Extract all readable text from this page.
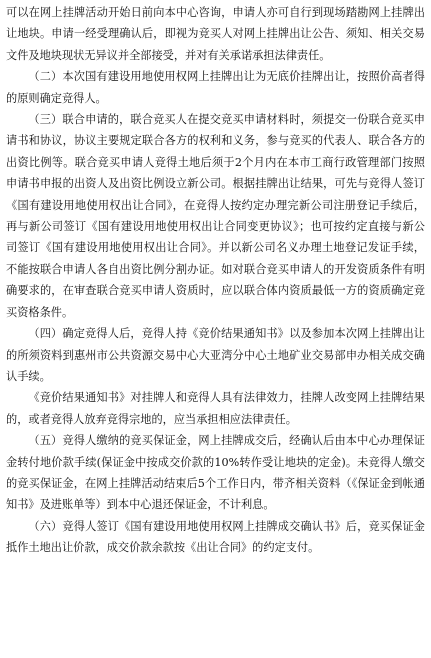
可以在网上挂牌活动开始日前向本中心咨询，申请人亦可自行到现场踏勘网上挂牌出让地块。申请一经受理确认后，即视为竞买人对网上挂牌出让公告、须知、相关交易文件及地块现状无异议并全部接受，并对有关承诺承担法律责任。

（二）本次国有建设用地使用权网上挂牌出让为无底价挂牌出让，按照价高者得的原则确定竞得人。

（三）联合申请的，联合竞买人在提交竞买申请材料时，须提交一份联合竞买申请书和协议，协议主要规定联合各方的权利和义务，参与竞买的代表人、联合各方的出资比例等。联合竞买申请人竞得土地后须于2个月内在本市工商行政管理部门按照申请书申报的出资人及出资比例设立新公司。根据挂牌出让结果，可先与竞得人签订《国有建设用地使用权出让合同》，在竞得人按约定办理完新公司注册登记手续后，再与新公司签订《国有建设用地使用权出让合同变更协议》；也可按约定直接与新公司签订《国有建设用地使用权出让合同》。并以新公司名义办理土地登记发证手续，不能按联合申请人各自出资比例分割办证。如对联合竞买申请人的开发资质条件有明确要求的，在审查联合竞买申请人资质时，应以联合体内资质最低一方的资质确定竞买资格条件。

（四）确定竞得人后，竞得人持《竞价结果通知书》以及参加本次网上挂牌出让的所须资料到惠州市公共资源交易中心大亚湾分中心土地矿业交易部申办相关成交确认手续。

《竞价结果通知书》对挂牌人和竞得人具有法律效力，挂牌人改变网上挂牌结果的，或者竞得人放弃竞得宗地的，应当承担相应法律责任。

（五）竞得人缴纳的竞买保证金，网上挂牌成交后，经确认后由本中心办理保证金转付地价款手续(保证金中按成交价款的10%转作受让地块的定金)。未竞得人缴交的竞买保证金，在网上挂牌活动结束后5个工作日内，带齐相关资料（《保证金到帐通知书》及进账单等）到本中心退还保证金，不计利息。

（六）竞得人签订《国有建设用地使用权网上挂牌成交确认书》后，竞买保证金抵作土地出让价款，成交价款余款按《出让合同》的约定支付。
